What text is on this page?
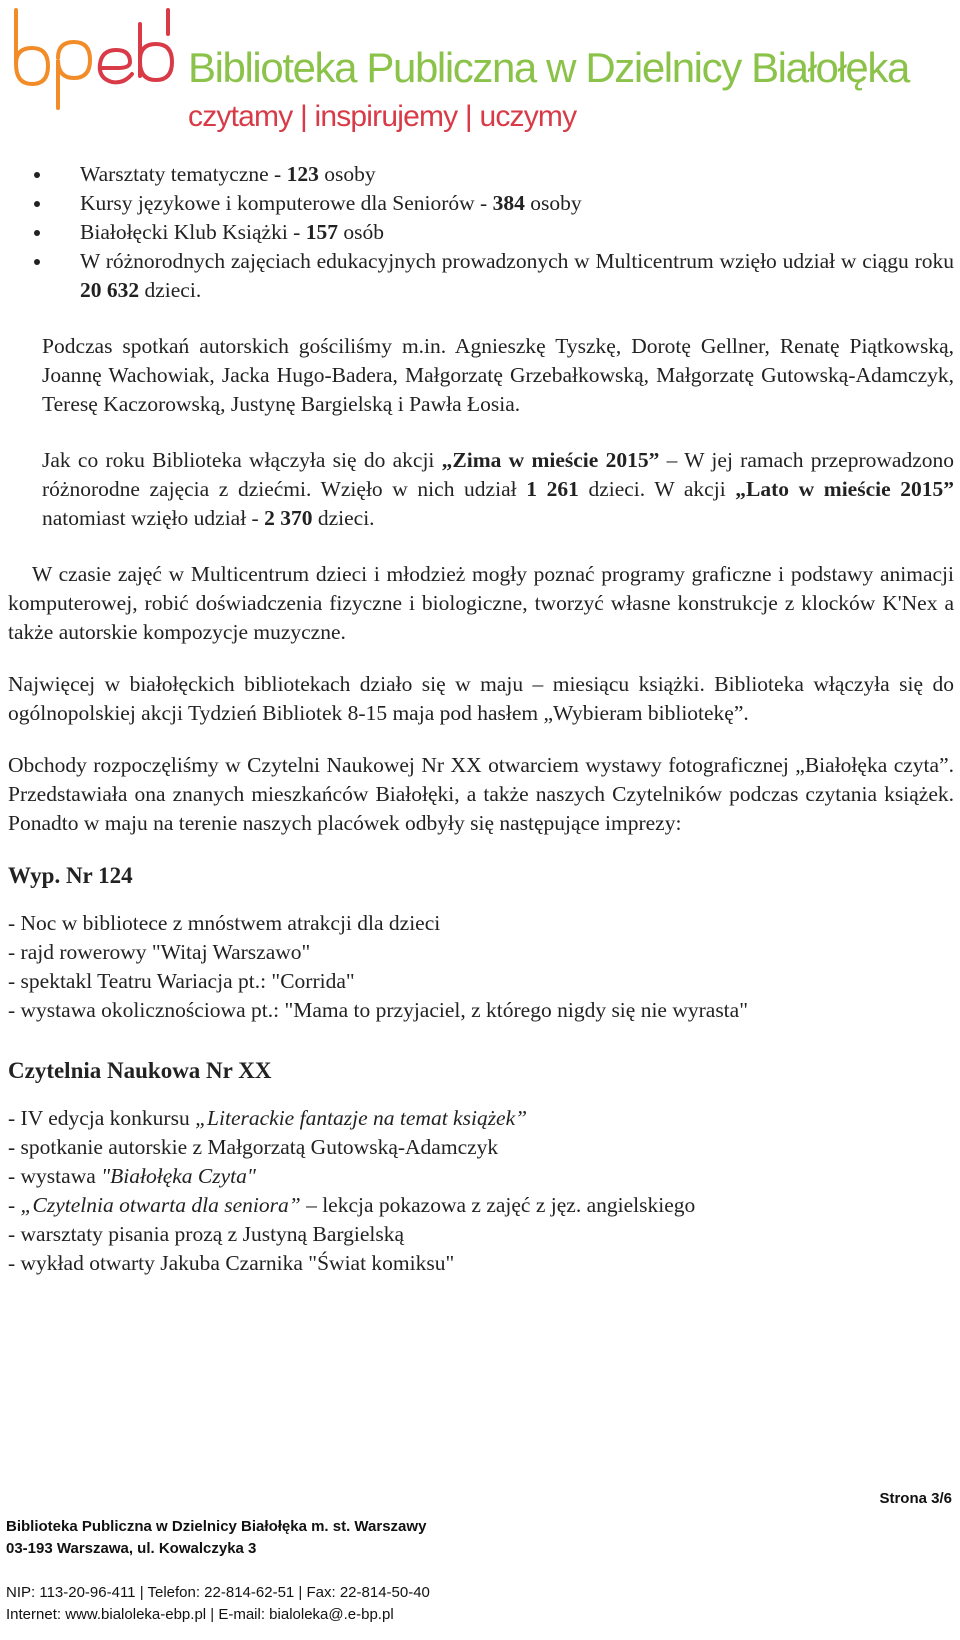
Biblioteka Publiczna w Dzielnicy Białołęka
czytamy | inspirujemy | uczymy
Warsztaty tematyczne - 123 osoby
Kursy językowe i komputerowe dla Seniorów - 384 osoby
Białołęcki Klub Książki - 157 osób
W różnorodnych zajęciach edukacyjnych prowadzonych w Multicentrum wzięło udział w ciągu roku 20 632 dzieci.

Podczas spotkań autorskich gościliśmy m.in. Agnieszkę Tyszkę, Dorotę Gellner, Renatę Piątkowską, Joannę Wachowiak, Jacka Hugo-Badera, Małgorzatę Grzebałkowską, Małgorzatę Gutowską-Adamczyk, Teresę Kaczorowską, Justynę Bargielską i Pawła Łosia.

Jak co roku Biblioteka włączyła się do akcji „Zima w mieście 2015” – W jej ramach przeprowadzono różnorodne zajęcia z dziećmi. Wzięło w nich udział 1 261 dzieci. W akcji „Lato w mieście 2015” natomiast wzięło udział - 2 370 dzieci.

W czasie zajęć w Multicentrum dzieci i młodzież mogły poznać programy graficzne i podstawy animacji komputerowej, robić doświadczenia fizyczne i biologiczne, tworzyć własne konstrukcje z klocków K'Nex a także autorskie kompozycje muzyczne.

Najwięcej w białołęckich bibliotekach działo się w maju – miesiącu książki. Biblioteka włączyła się do ogólnopolskiej akcji Tydzień Bibliotek 8-15 maja pod hasłem „Wybieram bibliotekę”.

Obchody rozpoczęliśmy w Czytelni Naukowej Nr XX otwarciem wystawy fotograficznej „Białołęka czyta”. Przedstawiała ona znanych mieszkańców Białołęki, a także naszych Czytelników podczas czytania książek. Ponadto w maju na terenie naszych placówek odbyły się następujące imprezy:

Wyp. Nr 124

- Noc w bibliotece z mnóstwem atrakcji dla dzieci

- rajd rowerowy "Witaj Warszawo"

- spektakl Teatru Wariacja pt.: "Corrida"

- wystawa okolicznościowa pt.: "Mama to przyjaciel, z którego nigdy się nie wyrasta"

Czytelnia Naukowa Nr XX

- IV edycja konkursu „Literackie fantazje na temat książek”

- spotkanie autorskie z Małgorzatą Gutowską-Adamczyk

- wystawa "Białołęka Czyta"

- „Czytelnia otwarta dla seniora” – lekcja pokazowa z zajęć z jęz. angielskiego

- warsztaty pisania prozą z Justyną Bargielską

- wykład otwarty Jakuba Czarnika "Świat komiksu"

Strona 3/6
Biblioteka Publiczna w Dzielnicy Białołęka m. st. Warszawy
03-193 Warszawa, ul. Kowalczyka 3
NIP: 113-20-96-411 | Telefon: 22-814-62-51 | Fax: 22-814-50-40
Internet: www.bialoleka-ebp.pl | E-mail: bialoleka@.e-bp.pl
